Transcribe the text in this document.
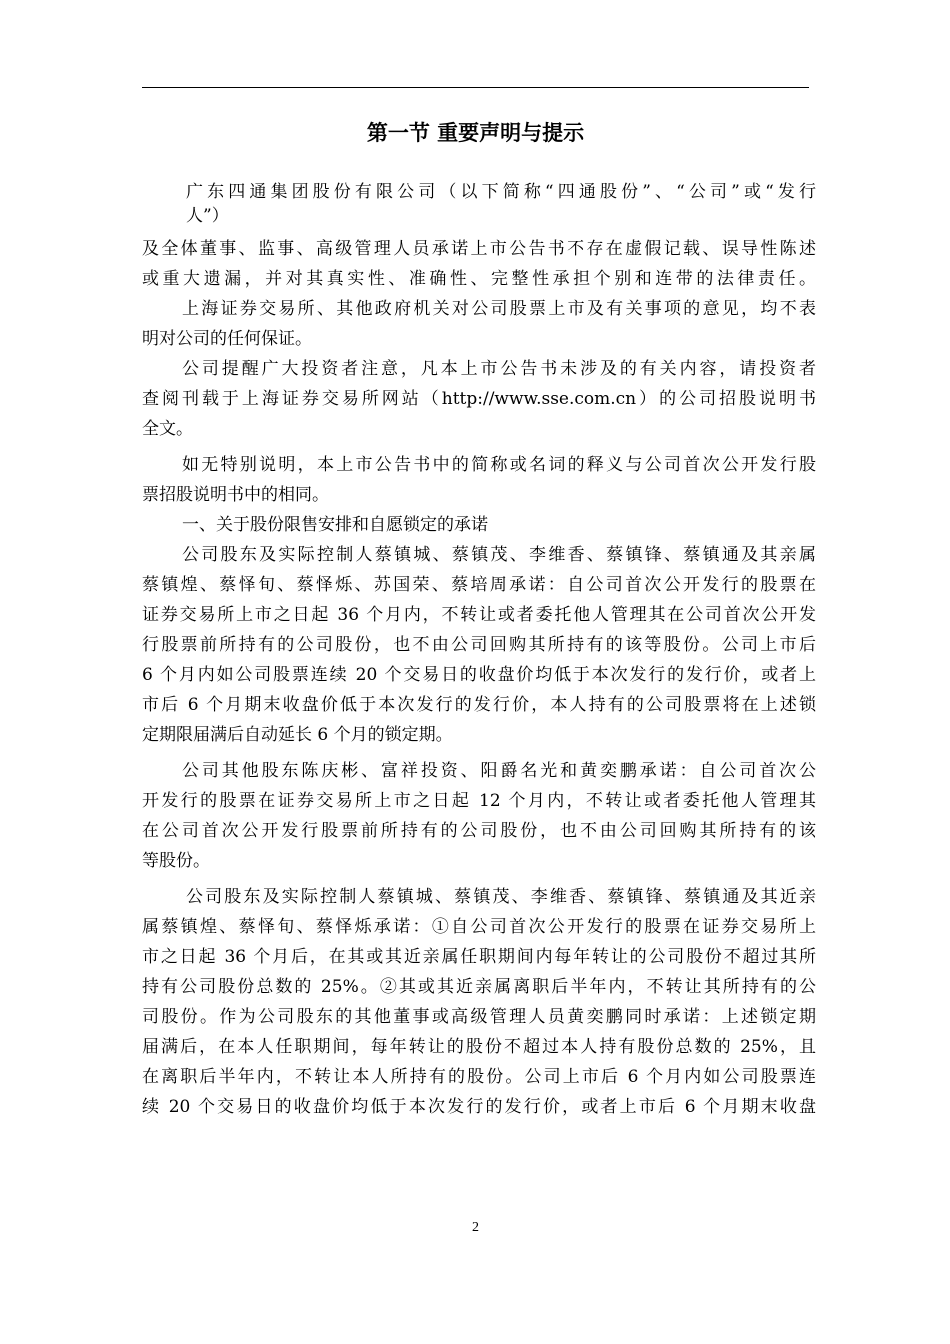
第一节 重要声明与提示
广东四通集团股份有限公司（以下简称“四通股份”、“公司”或“发行
人”）
及全体董事、监事、高级管理人员承诺上市公告书不存在虚假记载、误导性陈述
或重大遗漏，并对其真实性、准确性、完整性承担个别和连带的法律责任。
上海证券交易所、其他政府机关对公司股票上市及有关事项的意见，均不表
明对公司的任何保证。
公司提醒广大投资者注意，凡本上市公告书未涉及的有关内容，请投资者
查阅刊载于上海证券交易所网站（http://www.sse.com.cn）的公司招股说明书
全文。
如无特别说明，本上市公告书中的简称或名词的释义与公司首次公开发行股
票招股说明书中的相同。
一、关于股份限售安排和自愿锁定的承诺
公司股东及实际控制人蔡镇城、蔡镇茂、李维香、蔡镇锋、蔡镇通及其亲属
蔡镇煌、蔡怿旬、蔡怿烁、苏国荣、蔡培周承诺：自公司首次公开发行的股票在
证券交易所上市之日起 36 个月内，不转让或者委托他人管理其在公司首次公开发
行股票前所持有的公司股份，也不由公司回购其所持有的该等股份。公司上市后
6 个月内如公司股票连续 20 个交易日的收盘价均低于本次发行的发行价，或者上
市后 6 个月期末收盘价低于本次发行的发行价，本人持有的公司股票将在上述锁
定期限届满后自动延长 6 个月的锁定期。
公司其他股东陈庆彬、富祥投资、阳爵名光和黄奕鹏承诺：自公司首次公
开发行的股票在证券交易所上市之日起 12 个月内，不转让或者委托他人管理其
在公司首次公开发行股票前所持有的公司股份，也不由公司回购其所持有的该
等股份。
公司股东及实际控制人蔡镇城、蔡镇茂、李维香、蔡镇锋、蔡镇通及其近亲
属蔡镇煌、蔡怿旬、蔡怿烁承诺：①自公司首次公开发行的股票在证券交易所上
市之日起 36 个月后，在其或其近亲属任职期间内每年转让的公司股份不超过其所
持有公司股份总数的 25%。②其或其近亲属离职后半年内，不转让其所持有的公
司股份。作为公司股东的其他董事或高级管理人员黄奕鹏同时承诺：上述锁定期
届满后，在本人任职期间，每年转让的股份不超过本人持有股份总数的 25%，且
在离职后半年内，不转让本人所持有的股份。公司上市后 6 个月内如公司股票连
续 20 个交易日的收盘价均低于本次发行的发行价，或者上市后 6 个月期末收盘
2
